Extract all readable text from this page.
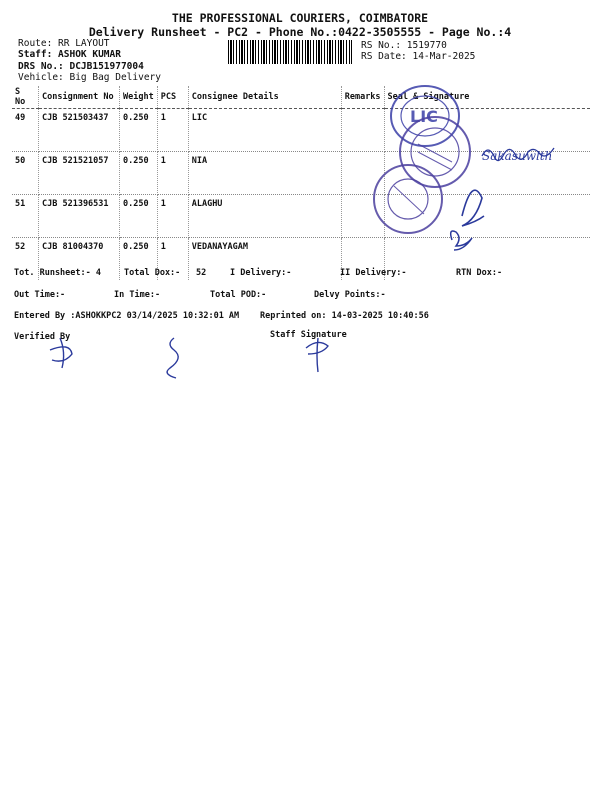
THE PROFESSIONAL COURIERS, COIMBATORE
Delivery Runsheet - PC2 - Phone No.:0422-3505555 - Page No.:4
Route: RR LAYOUT
Staff: ASHOK KUMAR
DRS No.: DCJB151977004
Vehicle: Big Bag Delivery
RS No.: 1519770
RS Date: 14-Mar-2025
S No	Consignment No	Weight	PCS	Consignee Details	Remarks	Seal & Signature
49	CJB 521503437	0.250	1	LIC		
50	CJB 521521057	0.250	1	NIA		
51	CJB 521396531	0.250	1	ALAGHU		
52	CJB 81004370	0.250	1	VEDANAYAGAM		
LIC
Sakasuwlth
Tot. Runsheet:- 4	Total Dox:- 52	I Delivery:-	II Delivery:-	RTN Dox:-
Out Time:-	In Time:-	Total POD:-	Delvy Points:-
Entered By :ASHOKKPC2 03/14/2025 10:32:01 AM Reprinted on: 14-03-2025 10:40:56
Verified By	Staff Signature
